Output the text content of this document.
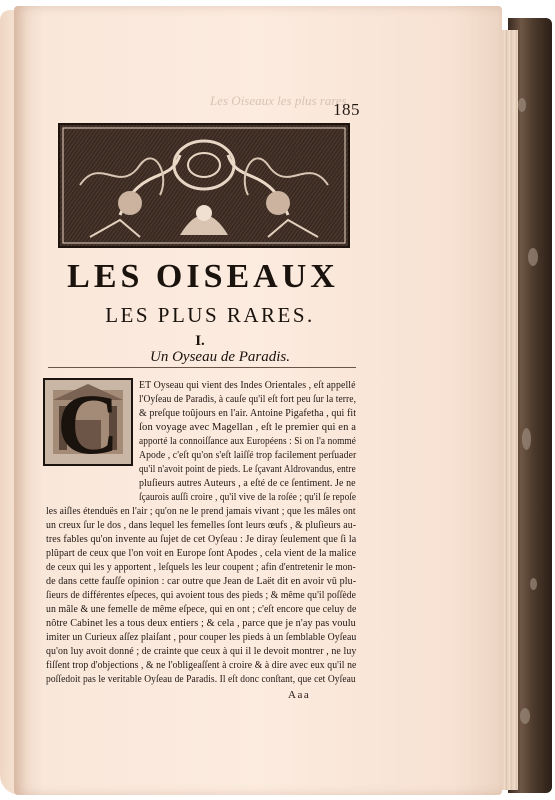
Les Oiseaux les plus rares.
185
LES OISEAUX
LES PLUS RARES.
I.
Un Oyseau de Paradis.
C	ET Oyseau qui vient des Indes Orientales , eſt appellé
l'Oyſeau de Paradis, à cauſe qu'il eſt fort peu ſur la terre,
& preſque toûjours en l'air. Antoine Pigafetha , qui fit
ſon voyage avec Magellan , eſt le premier qui en a
apporté la connoiſſance aux Européens : Si on l'a nommé
Apode , c'eſt qu'on s'eſt laiſſé trop facilement perſuader
qu'il n'avoit point de pieds. Le ſçavant Aldrovandus, entre
pluſieurs autres Auteurs , a eſté de ce ſentiment. Je ne
ſçaurois auſſi croire , qu'il vive de la roſée ; qu'il ſe repoſe
les aiſles étenduës en l'air ; qu'on ne le prend jamais vivant ; que les mâles ont
un creux ſur le dos , dans lequel les femelles ſont leurs œufs , & pluſieurs au-
tres fables qu'on invente au ſujet de cet Oyſeau : Je diray ſeulement que ſi la
plûpart de ceux que l'on voit en Europe ſont Apodes , cela vient de la malice
de ceux qui les y apportent , leſquels les leur coupent ; afin d'entretenir le mon-
de dans cette fauſſe opinion : car outre que Jean de Laët dit en avoir vû plu-
ſieurs de différentes eſpeces, qui avoient tous des pieds ; & même qu'il poſſède
un mâle & une femelle de même eſpece, qui en ont ; c'eſt encore que celuy de
nôtre Cabinet les a tous deux entiers ; & cela , parce que je n'ay pas voulu
imiter un Curieux aſſez plaiſant , pour couper les pieds à un ſemblable Oyſeau
qu'on luy avoit donné ; de crainte que ceux à qui il le devoit montrer , ne luy
fiſſent trop d'objections , & ne l'obligeaſſent à croire & à dire avec eux qu'il ne
poſſedoit pas le veritable Oyſeau de Paradis. Il eſt donc conſtant, que cet Oyſeau
Aaa
